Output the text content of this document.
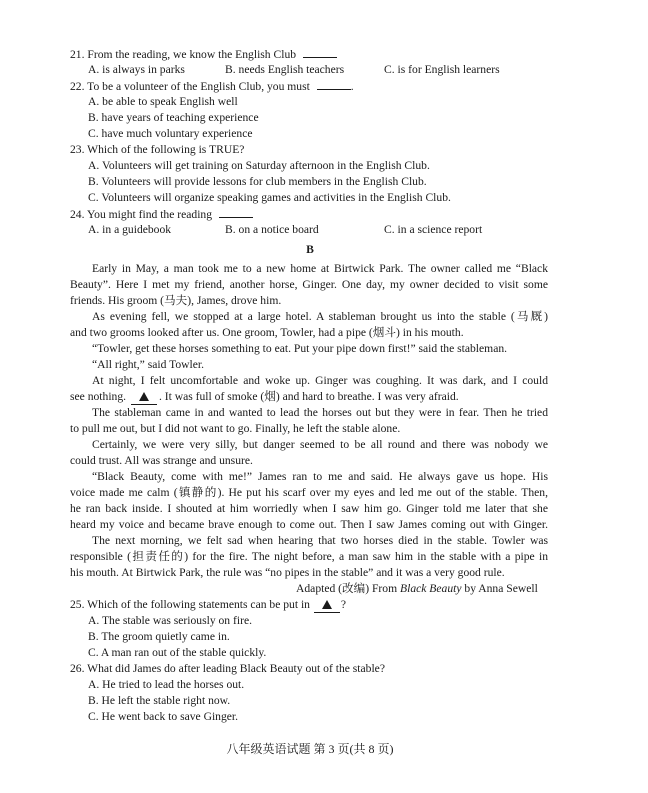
21. From the reading, we know the English Club
A. is always in parks	B. needs English teachers	C. is for English learners
22. To be a volunteer of the English Club, you must	.
A. be able to speak English well
B. have years of teaching experience
C. have much voluntary experience
23. Which of the following is TRUE?
A. Volunteers will get training on Saturday afternoon in the English Club.
B. Volunteers will provide lessons for club members in the English Club.
C. Volunteers will organize speaking games and activities in the English Club.
24. You might find the reading
A. in a guidebook	B. on a notice board	C. in a science report
B
Early in May, a man took me to a new home at Birtwick Park. The owner called me “Black
Beauty”. Here I met my friend, another horse, Ginger. One day, my owner decided to visit some
friends. His groom (马夫), James, drove him.
As evening fell, we stopped at a large hotel. A stableman brought us into the stable (马厩)
and two grooms looked after us. One groom, Towler, had a pipe (烟斗) in his mouth.
“Towler, get these horses something to eat. Put your pipe down first!” said the stableman.
“All right,” said Towler.
At night, I felt uncomfortable and woke up. Ginger was coughing. It was dark, and I could
see nothing.	. It was full of smoke (烟) and hard to breathe. I was very afraid.
The stableman came in and wanted to lead the horses out but they were in fear. Then he tried
to pull me out, but I did not want to go. Finally, he left the stable alone.
Certainly, we were very silly, but danger seemed to be all round and there was nobody we
could trust. All was strange and unsure.
“Black Beauty, come with me!” James ran to me and said. He always gave us hope. His
voice made me calm (镇静的). He put his scarf over my eyes and led me out of the stable. Then,
he ran back inside. I shouted at him worriedly when I saw him go. Ginger told me later that she
heard my voice and became brave enough to come out. Then I saw James coming out with Ginger.
The next morning, we felt sad when hearing that two horses died in the stable. Towler was
responsible (担责任的) for the fire. The night before, a man saw him in the stable with a pipe in
his mouth. At Birtwick Park, the rule was “no pipes in the stable” and it was a very good rule.
Adapted (改编) From Black Beauty by Anna Sewell
25. Which of the following statements can be put in	?
A. The stable was seriously on fire.
B. The groom quietly came in.
C. A man ran out of the stable quickly.
26. What did James do after leading Black Beauty out of the stable?
A. He tried to lead the horses out.
B. He left the stable right now.
C. He went back to save Ginger.
八年级英语试题 第 3 页(共 8 页)
